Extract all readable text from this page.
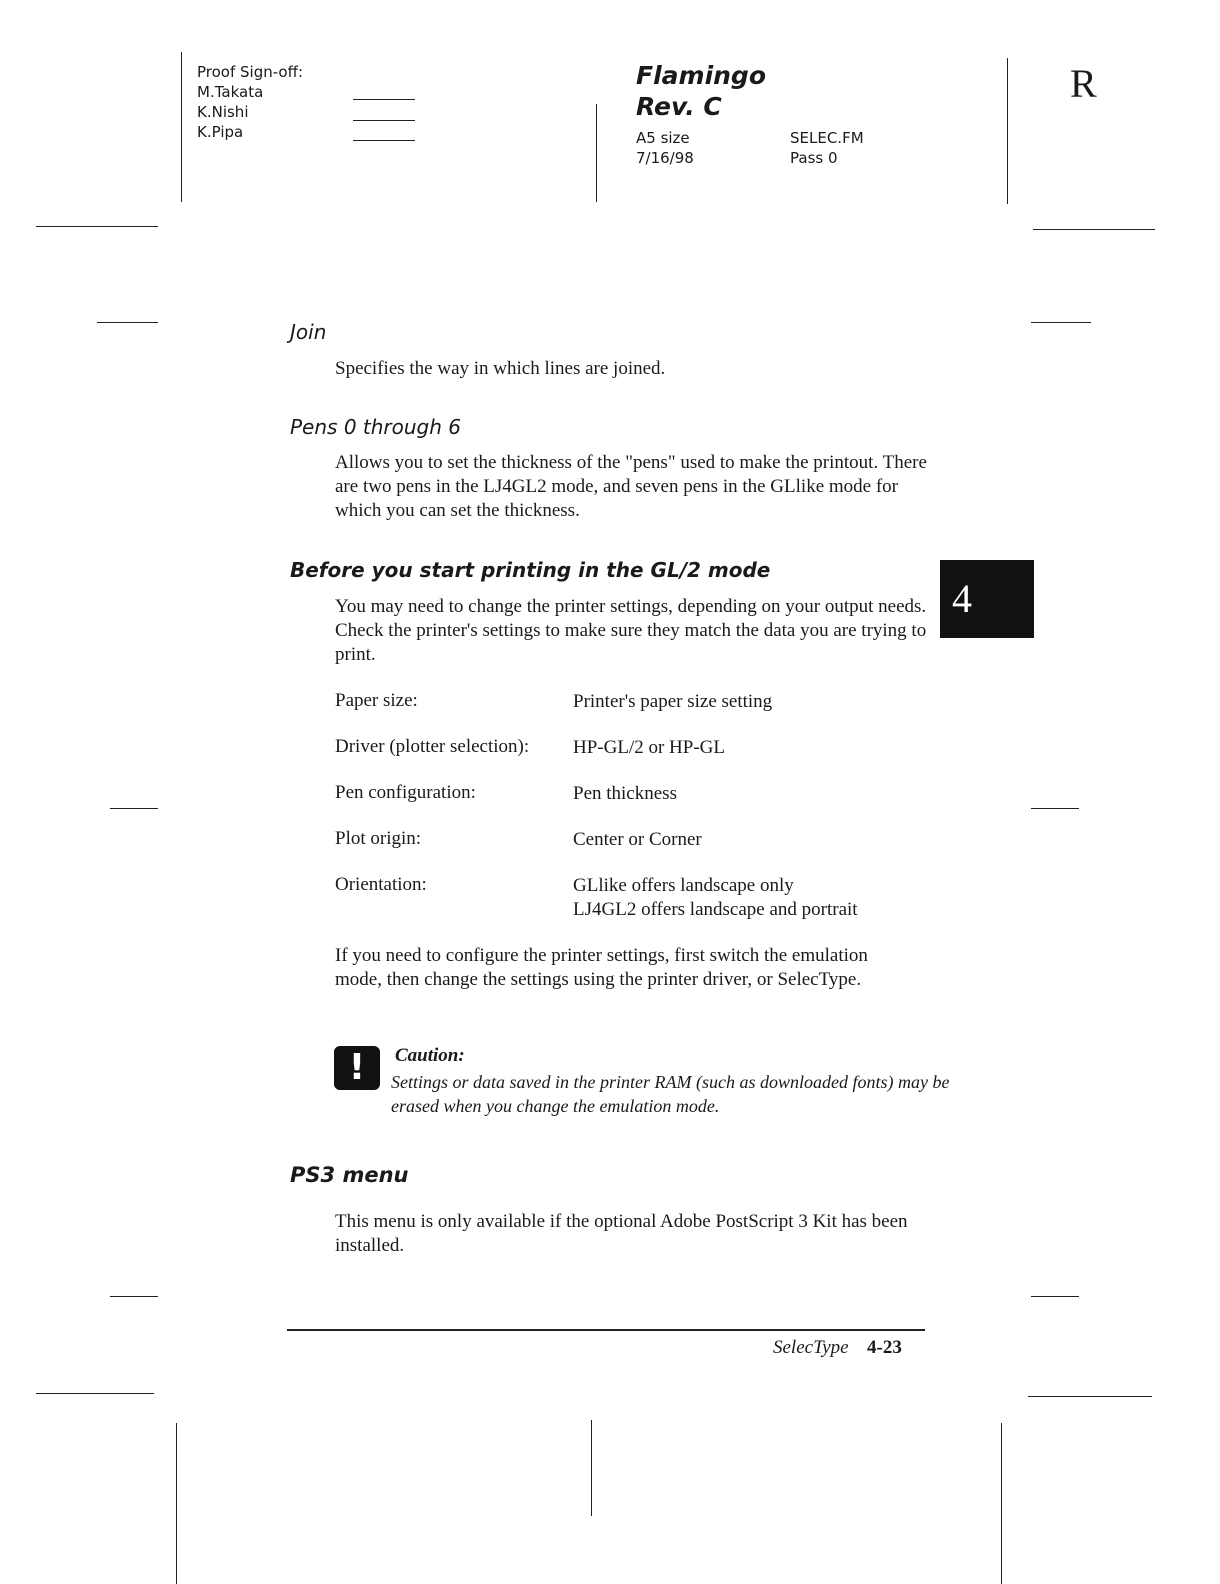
Proof Sign-off:
M.Takata
K.Nishi
K.Pipa
Flamingo
Rev. C
A5 size
7/16/98
SELEC.FM
Pass 0
R
Join
Specifies the way in which lines are joined.
Pens 0 through 6
Allows you to set the thickness of the "pens" used to make the printout. There are two pens in the LJ4GL2 mode, and seven pens in the GLlike mode for which you can set the thickness.
Before you start printing in the GL/2 mode
You may need to change the printer settings, depending on your output needs. Check the printer's settings to make sure they match the data you are trying to print.
4
Paper size:	Printer's paper size setting
Driver (plotter selection): HP-GL/2 or HP-GL
Pen configuration:	Pen thickness
Plot origin:	Center or Corner
Orientation:	GLlike offers landscape only
LJ4GL2 offers landscape and portrait
If you need to configure the printer settings, first switch the emulation mode, then change the settings using the printer driver, or SelecType.
!	Caution:
Settings or data saved in the printer RAM (such as downloaded fonts) may be erased when you change the emulation mode.
PS3 menu
This menu is only available if the optional Adobe PostScript 3 Kit has been installed.
SelecType 4-23
